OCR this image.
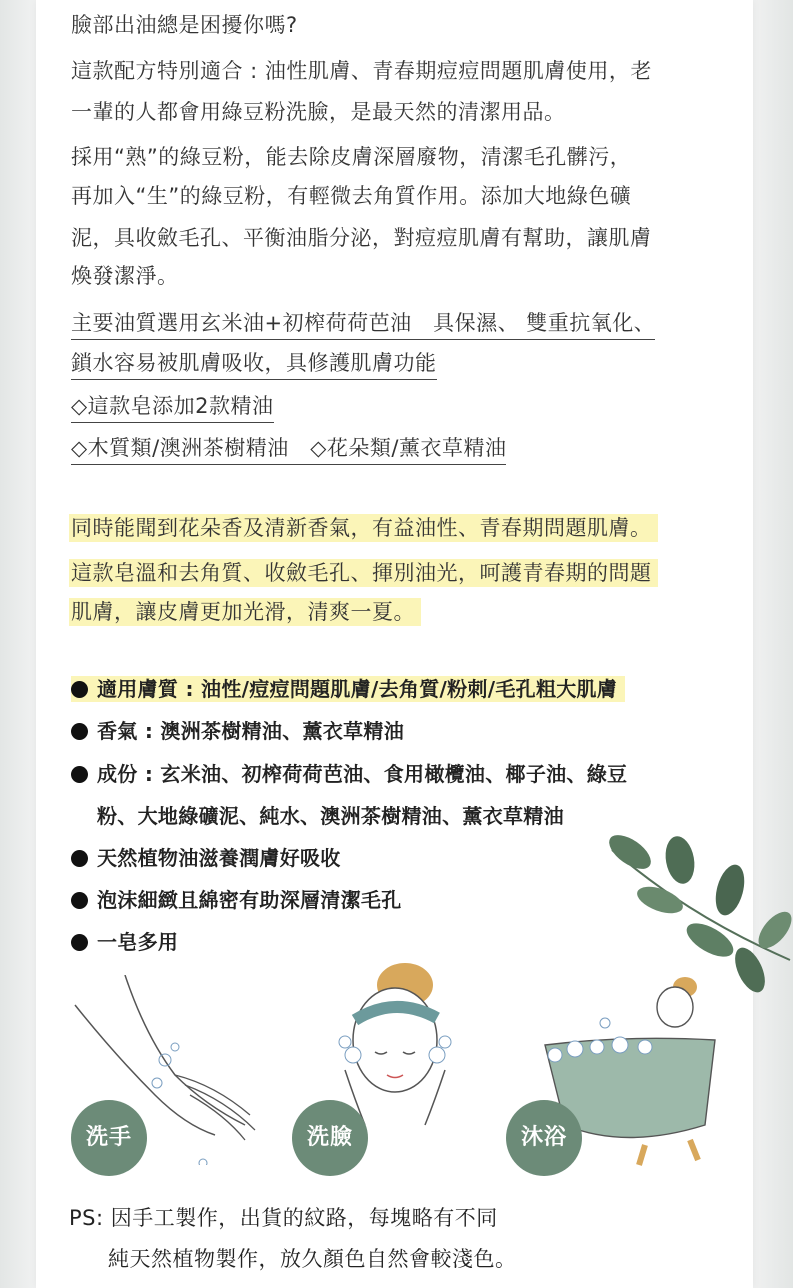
臉部出油總是困擾你嗎?
這款配方特別適合 : 油性肌膚、青春期痘痘問題肌膚使用，老
一輩的人都會用綠豆粉洗臉，是最天然的清潔用品。
採用“熟”的綠豆粉，能去除皮膚深層廢物，清潔毛孔髒污，
再加入“生”的綠豆粉，有輕微去角質作用。添加大地綠色礦
泥，具收斂毛孔、平衡油脂分泌，對痘痘肌膚有幫助，讓肌膚
煥發潔淨。
主要油質選用玄米油+初榨荷荷芭油　具保濕、 雙重抗氧化、
鎖水容易被肌膚吸收，具修護肌膚功能
◇這款皂添加2款精油
◇木質類/澳洲茶樹精油　◇花朵類/薰衣草精油
同時能聞到花朵香及清新香氣，有益油性、青春期問題肌膚。
這款皂溫和去角質、收斂毛孔、揮別油光，呵護青春期的問題
肌膚，讓皮膚更加光滑，清爽一夏。
適用膚質 : 油性/痘痘問題肌膚/去角質/粉刺/毛孔粗大肌膚
香氣 : 澳洲茶樹精油、薰衣草精油
成份 : 玄米油、初榨荷荷芭油、食用橄欖油、椰子油、綠豆
粉、大地綠礦泥、純水、澳洲茶樹精油、薰衣草精油
天然植物油滋養潤膚好吸收
泡沫細緻且綿密有助深層清潔毛孔
一皂多用
洗手	洗臉	沐浴
PS: 因手工製作，出貨的紋路，每塊略有不同
純天然植物製作，放久顏色自然會較淺色。
